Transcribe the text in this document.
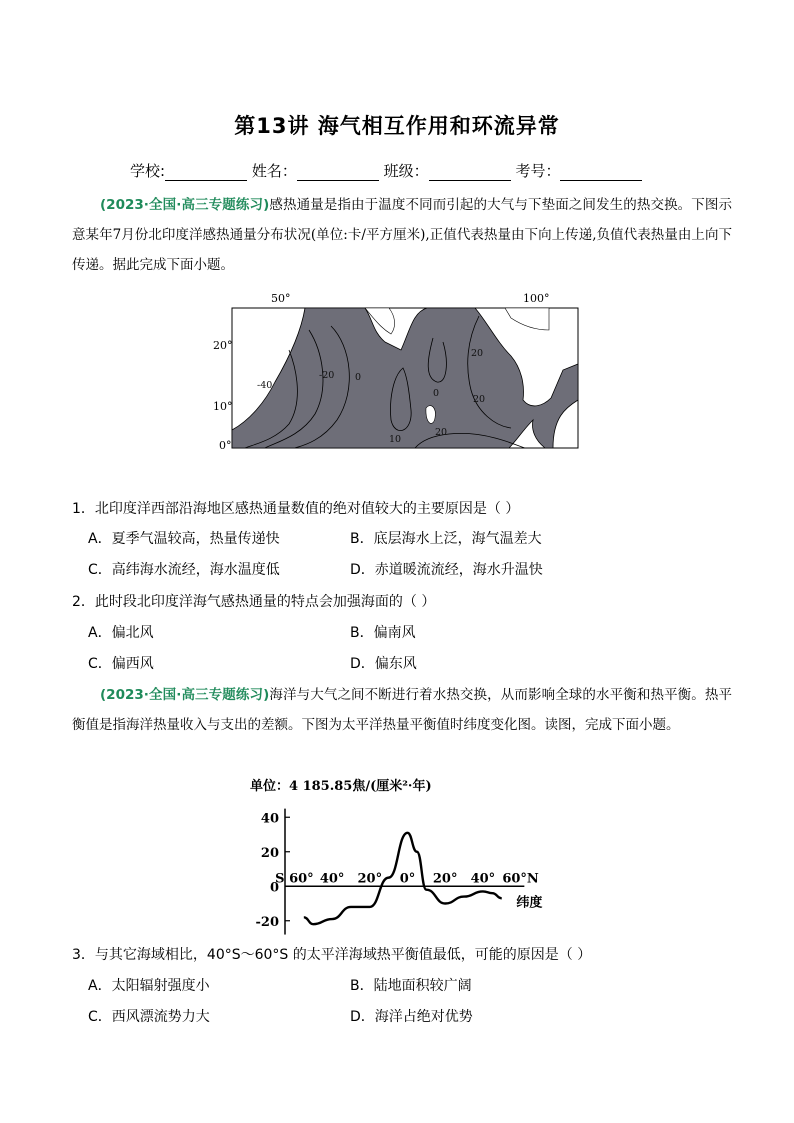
第13讲 海气相互作用和环流异常
学校:	姓名：	班级：	考号：
(2023·全国·高三专题练习)感热通量是指由于温度不同而引起的大气与下垫面之间发生的热交换。下图示意某年7月份北印度洋感热通量分布状况(单位:卡/平方厘米),正值代表热量由下向上传递,负值代表热量由上向下传递。据此完成下面小题。
50°	100°
20°
10°
0°
-40
-20 0
20
0
20
10
20
1．北印度洋西部沿海地区感热通量数值的绝对值较大的主要原因是（ ）
A．夏季气温较高，热量传递快	B．底层海水上泛，海气温差大
C．高纬海水流经，海水温度低	D．赤道暖流流经，海水升温快
2．此时段北印度洋海气感热通量的特点会加强海面的（ ）
A．偏北风	B．偏南风
C．偏西风	D．偏东风
(2023·全国·高三专题练习)海洋与大气之间不断进行着水热交换，从而影响全球的水平衡和热平衡。热平衡值是指海洋热量收入与支出的差额。下图为太平洋热量平衡值时纬度变化图。读图，完成下面小题。
单位：4 185.85焦/(厘米²·年)
40
20
0
-20
S 60° 40° 20° 0° 20° 40° 60°N
纬度
3．与其它海域相比，40°S～60°S 的太平洋海域热平衡值最低，可能的原因是（ ）
A．太阳辐射强度小	B．陆地面积较广阔
C．西风漂流势力大	D．海洋占绝对优势
